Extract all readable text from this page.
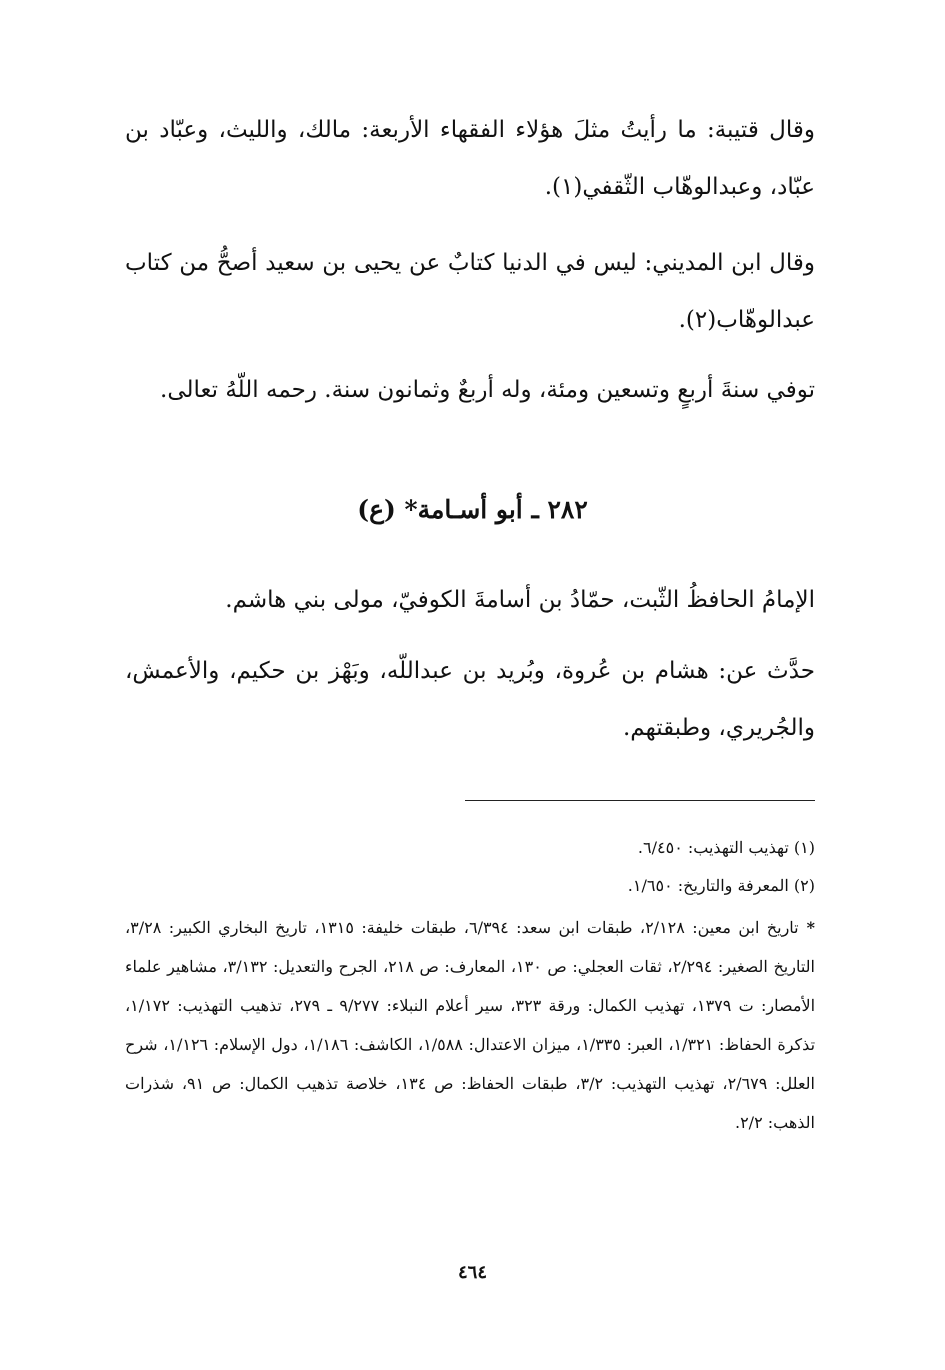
وقال قتيبة: ما رأيتُ مثلَ هؤلاء الفقهاء الأربعة: مالك، والليث، وعبّاد بن عبّاد، وعبدالوهّاب الثّقفي(١).
وقال ابن المديني: ليس في الدنيا كتابٌ عن يحيى بن سعيد أصحُّ من كتاب عبدالوهّاب(٢).
توفي سنةَ أربعٍ وتسعين ومئة، وله أربعٌ وثمانون سنة. رحمه اللّهُ تعالى.
٢٨٢ ـ أبو أسـامة* (ع)
الإمامُ الحافظُ الثّبت، حمّادُ بن أسامةَ الكوفيّ، مولى بني هاشم.
حدَّث عن: هشام بن عُروة، وبُريد بن عبداللّه، وبَهْز بن حكيم، والأعمش، والجُريري، وطبقتهم.
(١) تهذيب التهذيب: ٦/٤٥٠.
(٢) المعرفة والتاريخ: ١/٦٥٠.
*تاريخ ابن معين: ٢/١٢٨، طبقات ابن سعد: ٦/٣٩٤، طبقات خليفة: ١٣١٥، تاريخ البخاري الكبير: ٣/٢٨، التاريخ الصغير: ٢/٢٩٤، ثقات العجلي: ص ١٣٠، المعارف: ص ٢١٨، الجرح والتعديل: ٣/١٣٢، مشاهير علماء الأمصار: ت ١٣٧٩، تهذيب الكمال: ورقة ٣٢٣، سير أعلام النبلاء: ٩/٢٧٧ ـ ٢٧٩، تذهيب التهذيب: ١/١٧٢، تذكرة الحفاظ: ١/٣٢١، العبر: ١/٣٣٥، ميزان الاعتدال: ١/٥٨٨، الكاشف: ١/١٨٦، دول الإسلام: ١/١٢٦، شرح العلل: ٢/٦٧٩، تهذيب التهذيب: ٣/٢، طبقات الحفاظ: ص ١٣٤، خلاصة تذهيب الكمال: ص ٩١، شذرات الذهب: ٢/٢.
٤٦٤
